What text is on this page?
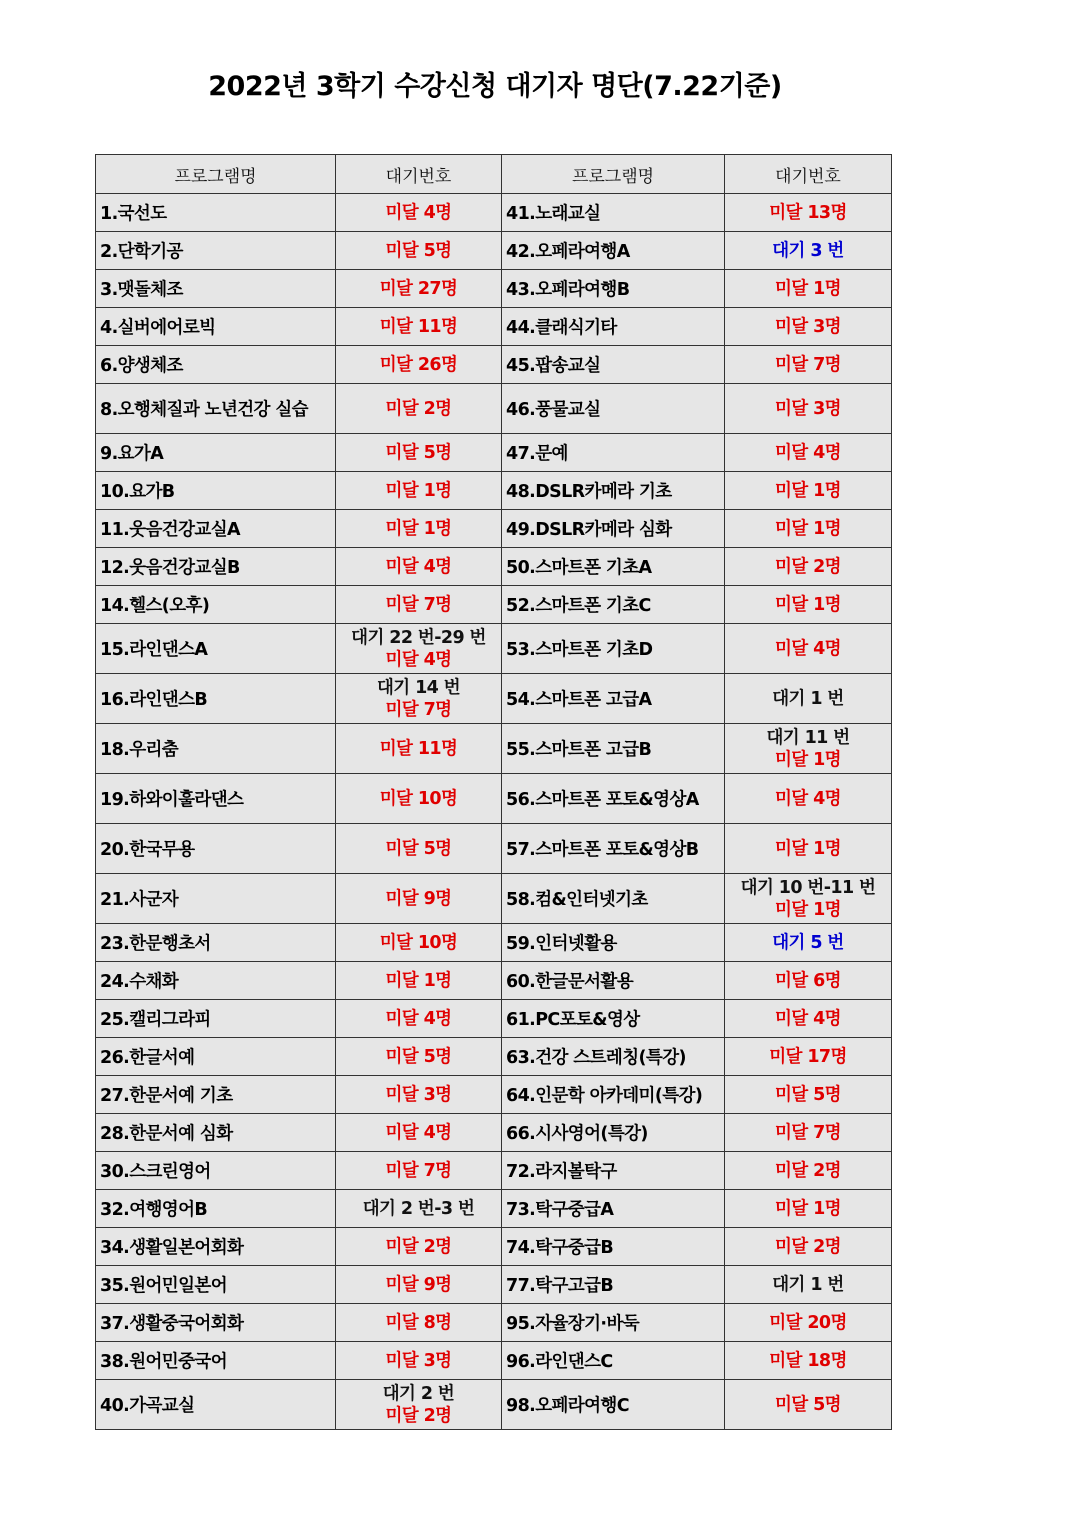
2022년 3학기 수강신청 대기자 명단(7.22기준)
프로그램명	대기번호	프로그램명	대기번호
1.국선도	미달 4명	41.노래교실	미달 13명

2.단학기공	미달 5명	42.오페라여행A	대기 3 번

3.맷돌체조	미달 27명	43.오페라여행B	미달 1명

4.실버에어로빅	미달 11명	44.클래식기타	미달 3명

6.양생체조	미달 26명	45.팝송교실	미달 7명

8.오행체질과 노년건강 실습	미달 2명	46.풍물교실	미달 3명

9.요가A	미달 5명	47.문예	미달 4명

10.요가B	미달 1명	48.DSLR카메라 기초	미달 1명

11.웃음건강교실A	미달 1명	49.DSLR카메라 심화	미달 1명

12.웃음건강교실B	미달 4명	50.스마트폰 기초A	미달 2명

14.헬스(오후)	미달 7명	52.스마트폰 기초C	미달 1명

15.라인댄스A	대기 22 번-29 번
미달 4명	53.스마트폰 기초D	미달 4명

16.라인댄스B	대기 14 번
미달 7명	54.스마트폰 고급A	대기 1 번

18.우리춤	미달 11명	55.스마트폰 고급B	대기 11 번
미달 1명

19.하와이훌라댄스	미달 10명	56.스마트폰 포토&영상A	미달 4명

20.한국무용	미달 5명	57.스마트폰 포토&영상B	미달 1명

21.사군자	미달 9명	58.컴&인터넷기초	대기 10 번-11 번
미달 1명

23.한문행초서	미달 10명	59.인터넷활용	대기 5 번

24.수채화	미달 1명	60.한글문서활용	미달 6명

25.캘리그라피	미달 4명	61.PC포토&영상	미달 4명

26.한글서예	미달 5명	63.건강 스트레칭(특강)	미달 17명

27.한문서예 기초	미달 3명	64.인문학 아카데미(특강)	미달 5명

28.한문서예 심화	미달 4명	66.시사영어(특강)	미달 7명

30.스크린영어	미달 7명	72.라지볼탁구	미달 2명

32.여행영어B	대기 2 번-3 번	73.탁구중급A	미달 1명

34.생활일본어회화	미달 2명	74.탁구중급B	미달 2명

35.원어민일본어	미달 9명	77.탁구고급B	대기 1 번

37.생활중국어회화	미달 8명	95.자율장기·바둑	미달 20명

38.원어민중국어	미달 3명	96.라인댄스C	미달 18명

40.가곡교실	대기 2 번
미달 2명	98.오페라여행C	미달 5명
